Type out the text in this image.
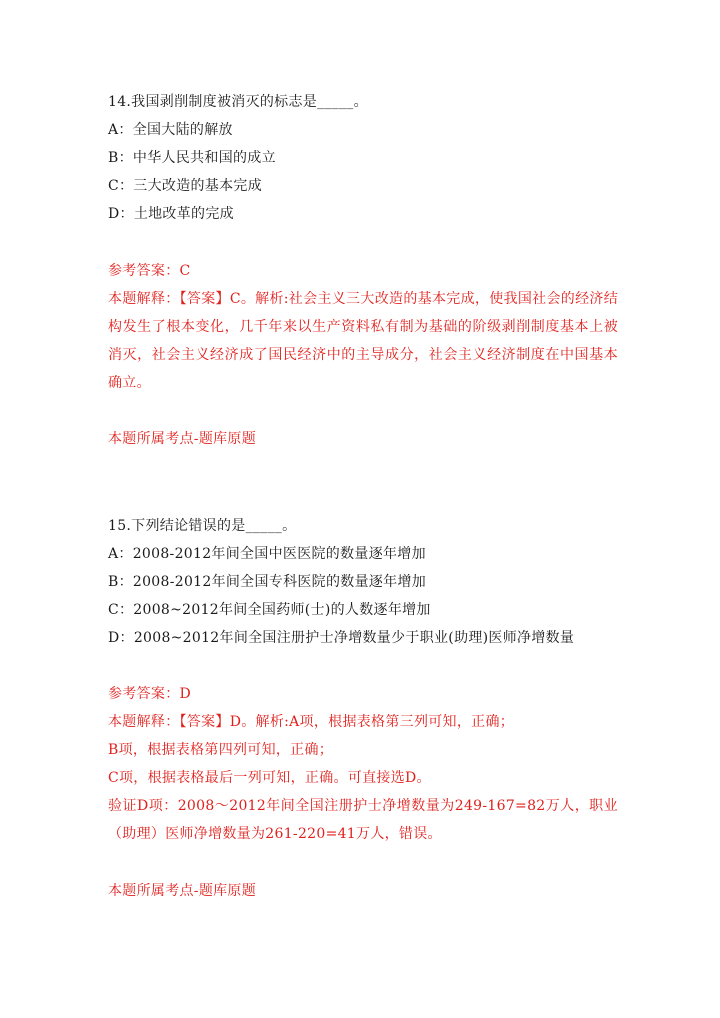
14.我国剥削制度被消灭的标志是_____。
A：全国大陆的解放
B：中华人民共和国的成立
C：三大改造的基本完成
D：土地改革的完成
参考答案：C
本题解释：【答案】C。解析:社会主义三大改造的基本完成，使我国社会的经济结构发生了根本变化，几千年来以生产资料私有制为基础的阶级剥削制度基本上被消灭，社会主义经济成了国民经济中的主导成分，社会主义经济制度在中国基本确立。
本题所属考点-题库原题
15.下列结论错误的是_____。
A：2008-2012年间全国中医医院的数量逐年增加
B：2008-2012年间全国专科医院的数量逐年增加
C：2008~2012年间全国药师(士)的人数逐年增加
D：2008~2012年间全国注册护士净增数量少于职业(助理)医师净增数量
参考答案：D
本题解释：【答案】D。解析:A项，根据表格第三列可知，正确；
B项，根据表格第四列可知，正确；
C项，根据表格最后一列可知，正确。可直接选D。
验证D项：2008～2012年间全国注册护士净增数量为249-167=82万人，职业（助理）医师净增数量为261-220=41万人，错误。
本题所属考点-题库原题
